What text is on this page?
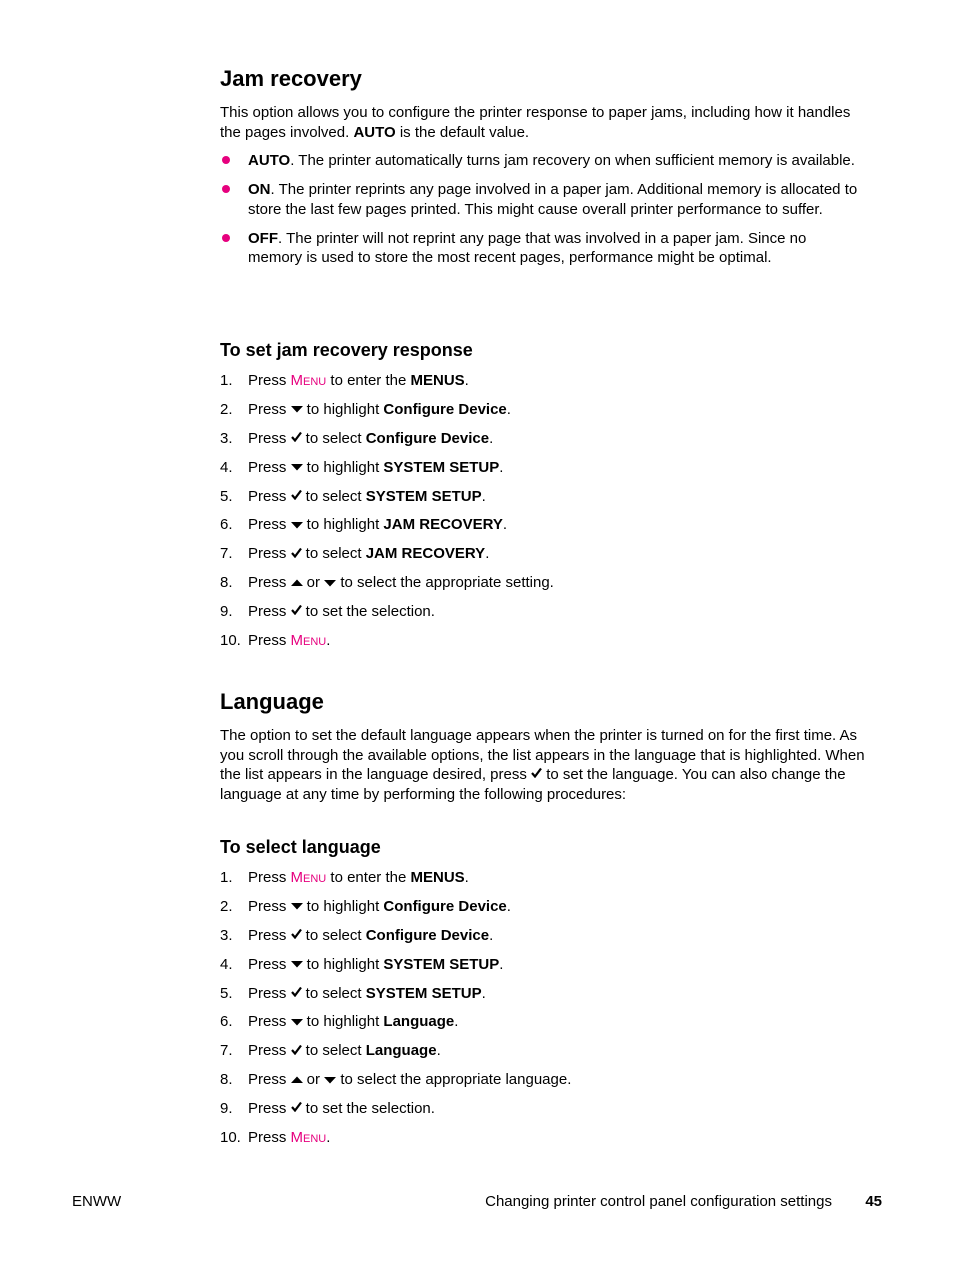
Jam recovery

This option allows you to configure the printer response to paper jams, including how it handles the pages involved. AUTO is the default value.

AUTO. The printer automatically turns jam recovery on when sufficient memory is available.
ON. The printer reprints any page involved in a paper jam. Additional memory is allocated to store the last few pages printed. This might cause overall printer performance to suffer.
OFF. The printer will not reprint any page that was involved in a paper jam. Since no memory is used to store the most recent pages, performance might be optimal.
To set jam recovery response
1. Press MENU to enter the MENUS.
2. Press  to highlight Configure Device.
3. Press  to select Configure Device.
4. Press  to highlight SYSTEM SETUP.
5. Press  to select SYSTEM SETUP.
6. Press  to highlight JAM RECOVERY.
7. Press  to select JAM RECOVERY.
8. Press  or  to select the appropriate setting.
9. Press  to set the selection.
10. Press MENU.
Language

The option to set the default language appears when the printer is turned on for the first time. As you scroll through the available options, the list appears in the language that is highlighted. When the list appears in the language desired, press  to set the language. You can also change the language at any time by performing the following procedures:

To select language
1. Press MENU to enter the MENUS.
2. Press  to highlight Configure Device.
3. Press  to select Configure Device.
4. Press  to highlight SYSTEM SETUP.
5. Press  to select SYSTEM SETUP.
6. Press  to highlight Language.
7. Press  to select Language.
8. Press  or  to select the appropriate language.
9. Press  to set the selection.
10. Press MENU.
ENWW	Changing printer control panel configuration settings 45
